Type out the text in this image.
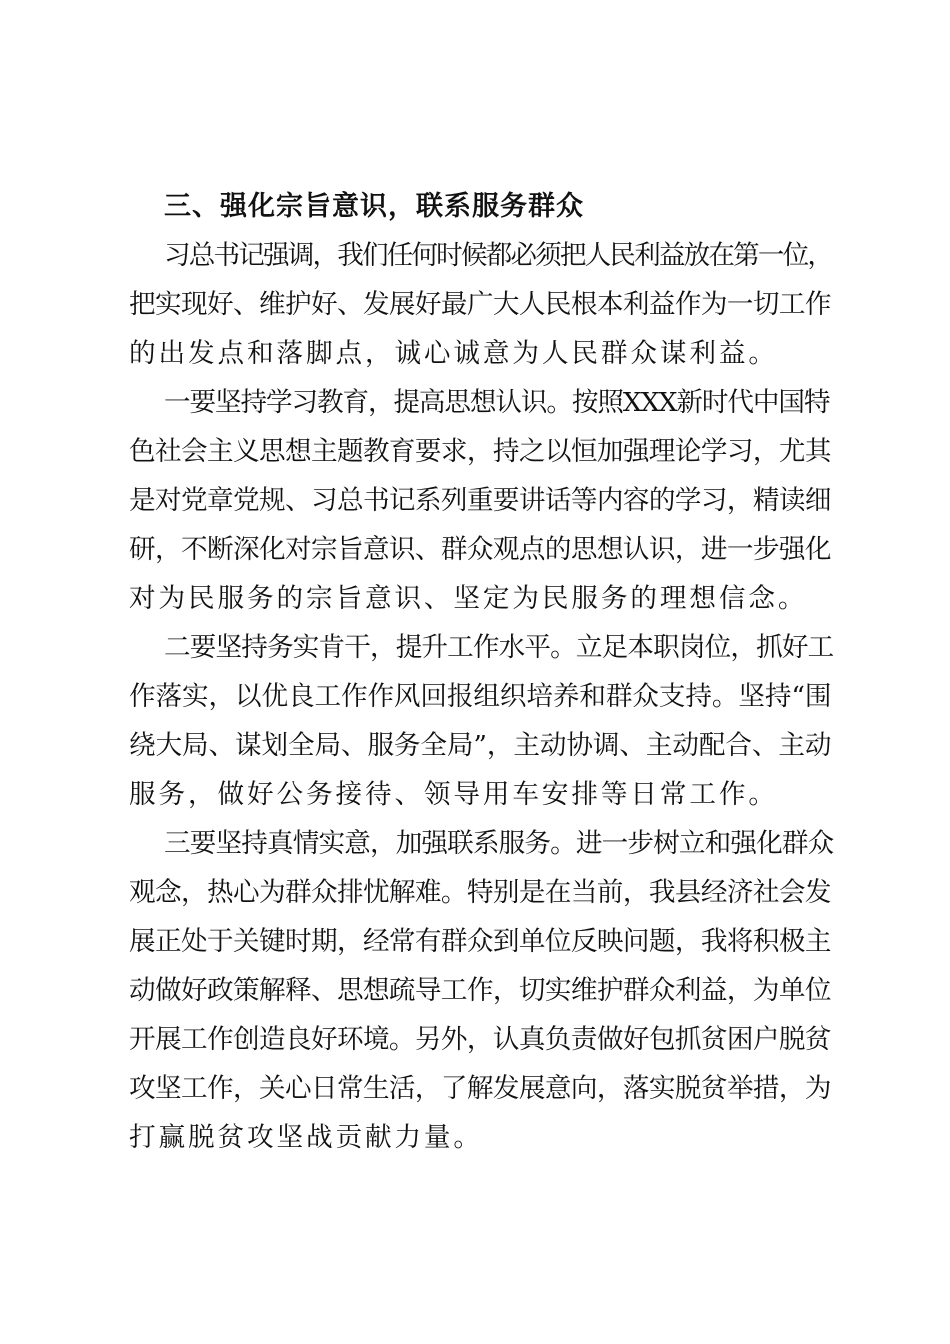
三、强化宗旨意识，联系服务群众

习总书记强调，我们任何时候都必须把人民利益放在第一位，
把实现好、维护好、发展好最广大人民根本利益作为一切工作
的出发点和落脚点，诚心诚意为人民群众谋利益。

一要坚持学习教育，提高思想认识。按照XXX新时代中国特
色社会主义思想主题教育要求，持之以恒加强理论学习，尤其
是对党章党规、习总书记系列重要讲话等内容的学习，精读细
研，不断深化对宗旨意识、群众观点的思想认识，进一步强化
对为民服务的宗旨意识、坚定为民服务的理想信念。

二要坚持务实肯干，提升工作水平。立足本职岗位，抓好工
作落实，以优良工作作风回报组织培养和群众支持。坚持“围
绕大局、谋划全局、服务全局”，主动协调、主动配合、主动
服务，做好公务接待、领导用车安排等日常工作。

三要坚持真情实意，加强联系服务。进一步树立和强化群众
观念，热心为群众排忧解难。特别是在当前，我县经济社会发
展正处于关键时期，经常有群众到单位反映问题，我将积极主
动做好政策解释、思想疏导工作，切实维护群众利益，为单位
开展工作创造良好环境。另外，认真负责做好包抓贫困户脱贫
攻坚工作，关心日常生活，了解发展意向，落实脱贫举措，为
打赢脱贫攻坚战贡献力量。
